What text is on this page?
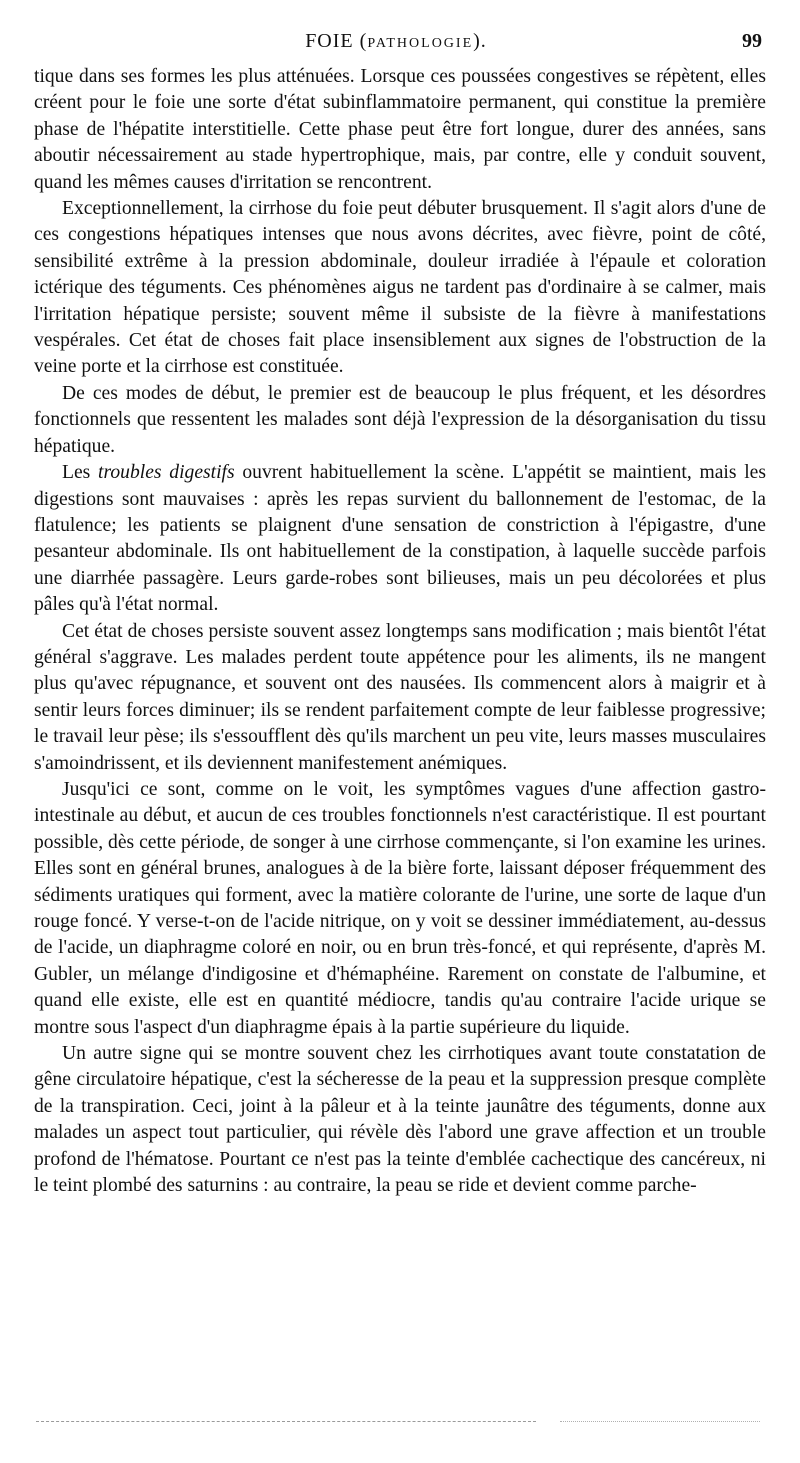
FOIE (PATHOLOGIE).	99

tique dans ses formes les plus atténuées. Lorsque ces poussées congestives se répètent, elles créent pour le foie une sorte d'état subinflammatoire permanent, qui constitue la première phase de l'hépatite interstitielle. Cette phase peut être fort longue, durer des années, sans aboutir nécessairement au stade hypertrophique, mais, par contre, elle y conduit souvent, quand les mêmes causes d'irritation se rencontrent.

Exceptionnellement, la cirrhose du foie peut débuter brusquement. Il s'agit alors d'une de ces congestions hépatiques intenses que nous avons décrites, avec fièvre, point de côté, sensibilité extrême à la pression abdominale, douleur irradiée à l'épaule et coloration ictérique des téguments. Ces phénomènes aigus ne tardent pas d'ordinaire à se calmer, mais l'irritation hépatique persiste; souvent même il subsiste de la fièvre à manifestations vespérales. Cet état de choses fait place insensiblement aux signes de l'obstruction de la veine porte et la cirrhose est constituée.

De ces modes de début, le premier est de beaucoup le plus fréquent, et les désordres fonctionnels que ressentent les malades sont déjà l'expression de la désorganisation du tissu hépatique.

Les troubles digestifs ouvrent habituellement la scène. L'appétit se maintient, mais les digestions sont mauvaises : après les repas survient du ballonnement de l'estomac, de la flatulence; les patients se plaignent d'une sensation de constriction à l'épigastre, d'une pesanteur abdominale. Ils ont habituellement de la constipation, à laquelle succède parfois une diarrhée passagère. Leurs garde-robes sont bilieuses, mais un peu décolorées et plus pâles qu'à l'état normal.

Cet état de choses persiste souvent assez longtemps sans modification ; mais bientôt l'état général s'aggrave. Les malades perdent toute appétence pour les aliments, ils ne mangent plus qu'avec répugnance, et souvent ont des nausées. Ils commencent alors à maigrir et à sentir leurs forces diminuer; ils se rendent parfaitement compte de leur faiblesse progressive; le travail leur pèse; ils s'essoufflent dès qu'ils marchent un peu vite, leurs masses musculaires s'amoindrissent, et ils deviennent manifestement anémiques.

Jusqu'ici ce sont, comme on le voit, les symptômes vagues d'une affection gastro-intestinale au début, et aucun de ces troubles fonctionnels n'est caractéristique. Il est pourtant possible, dès cette période, de songer à une cirrhose commençante, si l'on examine les urines. Elles sont en général brunes, analogues à de la bière forte, laissant déposer fréquemment des sédiments uratiques qui forment, avec la matière colorante de l'urine, une sorte de laque d'un rouge foncé. Y verse-t-on de l'acide nitrique, on y voit se dessiner immédiatement, au-dessus de l'acide, un diaphragme coloré en noir, ou en brun très-foncé, et qui représente, d'après M. Gubler, un mélange d'indigosine et d'hémaphéine. Rarement on constate de l'albumine, et quand elle existe, elle est en quantité médiocre, tandis qu'au contraire l'acide urique se montre sous l'aspect d'un diaphragme épais à la partie supérieure du liquide.

Un autre signe qui se montre souvent chez les cirrhotiques avant toute constatation de gêne circulatoire hépatique, c'est la sécheresse de la peau et la suppression presque complète de la transpiration. Ceci, joint à la pâleur et à la teinte jaunâtre des téguments, donne aux malades un aspect tout particulier, qui révèle dès l'abord une grave affection et un trouble profond de l'hématose. Pourtant ce n'est pas la teinte d'emblée cachectique des cancéreux, ni le teint plombé des saturnins : au contraire, la peau se ride et devient comme parche-
